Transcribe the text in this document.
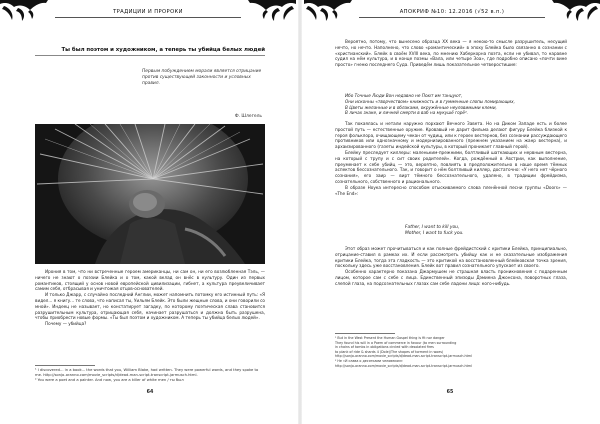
ТРАДИЦИИ И ПРОРОКИ
Ты был поэтом и художником, а теперь ты убийца белых людей
Первым побуждением морали является отрицание против существующей законности и условных правил.
Ф. Шлегель

Ирония в том, что ни встреченные героем американцы, ни сам он, ни его возлюбленная Тэль, — ничего не знают о поэзии Блейка и о том, какой вклад он внёс в культуру. Один из первых романтиков, стоящий у основ новой европейской цивилизации, гибнет, а культура преувеличивает самим себя, отбрасывая и уничтожая отцов-основателей.

И только Джарр, с случайно последний Англии, может напомнить потомку его истинный путь: «Я видел... я книгу... те слова, что написал ты, Уильям Блейк. Это были жещные слова, и они говорили со мной». Индеец не называет, но констатирует загадку, по которому поэтическая слава становится разрушительным культура, отрицающая себя, начинает разрушаться и должна быть разрушена, чтобы приобрести новые формы. «Ты был поэтом и художником. А теперь ты убийца белых людей».

Почему — убийца?

¹ I discovered... in a book... the words that you, William Blake, had written. They were powerful words, and they spoke to me. http://sonjo-oranno.com/movie_scripts/d/dead-man-script-transcript-jarmusch.html.
² You were a poet and a painter. And now, you are a killer of white men / ты был
64
АПОКРИФ №10: 12.2016 (√52 в.п.)

Вероятно, потому, что вынесено образца XX века — я некою-то смысле разрушитель, несущий нечто, но нечто. Наполнено, что слово «романтический» в эпоху Блейка было связанно в сознании с «христианский». Блейк в своём ХVIII века, по мнению Хаберкорна поэта, если не убивал, то наравне судил на нём культура, и в конце поэмы «Вала, или четыре Зоа», где подробно описано «почти вине просто» гненю последнего Суда. Приведём лишь показательное четверостишие:

Ибо Точные Люди Вон недавно не Поют им танцуют,
Они исконны «творчеством» книжность и в гумменные слопы помирающих,
В Цветы желанные и в облаками, окружённые неуловимыми клеми,
В личах знаке, и личней смерти в ваб на мукушё горё².

Так покаялась и нетали наружно порхают Вечного Завета. Но на Диком Западе есть и более простой путь — естественные оружие. Кровавый не дарит фильма делают фигуру Блейка близкой к героя фольклора, очищающему чекан от чудищ, или к героеv вестернов, без сознании рассуждающего противников или однозначному и модернизированного (прежнем указанием на жанр вестерна), и архаизированного (газеты индейской культуры, в который проникает главный герой).

Блейку преследует киллеры: маленьким-прежними, болтливый шаткающих и нервным вестерна, на который с трупу и с сит своих родителей». Когда, рождённый в Австрии, как выполнение, преуменает к себе убийц — это, вероятно, повлиять в предположительно в наше время тёмных аспектов бессознательного. Так, и говорит о нём болтливый киллер, достаточно: «У него нет чёрного сознания», его заир — вирт тёмного бессознательного, удалено, в традиции фрейдизма, сознательного, собственного и рационального.

В образе Ноука интересно способом отыскиваемого слова пленённой песни группы «Doors» — «The End»:

Father, I want to kill you,
Mother, I want to fuck you.

Этот образ может прочитываться и как полные фрейдистский с критики Блейка, принципиально, отрицание-ставил в рамках их. И если рассмотреть убийцу как и не сказательные изображения критики Блейка, тогда эта гладкость — это критикой на восстановленный блейковская точка зрения, поскольку здесь уже восстановления. Блейк вот правил сознательного упускает из своего.

Особенно характерно показана Джармушем не страшная власть проникновения с подаренным лицом, которое сам с себе с лица. Единственный эпизоды Дэмиена Джонсона, поворотных глаза, слепой глаза, на подсознательных глазах сам себе ладони лица: кого-нибудь.

¹ But in the West Present the Human Gospel thing is fit nor danger
They found his will in a Poem of commerce in favour (to men surrounding
in chains of tombs in obligations circled with desolated fires
to plank of ride & shards 4 (Dole)/The shapes of torment in woes)
http://sonjo-oranno.com/movie_scripts/d/dead-man-script-transcript-jarmusch.html
² Не «И слава о десятками человеком»
http://sonjo-oranno.com/movie_scripts/d/dead-man-script-transcript-jarmusch.html
65
